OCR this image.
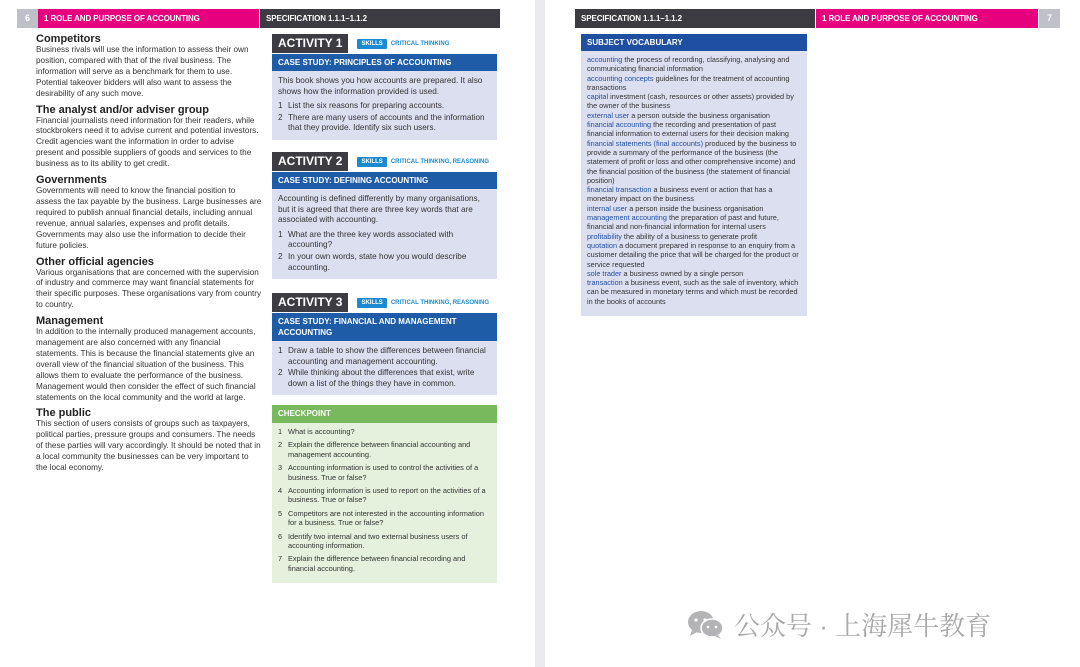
6	1 ROLE AND PURPOSE OF ACCOUNTING	SPECIFICATION 1.1.1–1.1.2
Competitors
Business rivals will use the information to assess their own position, compared with that of the rival business. The information will serve as a benchmark for them to use. Potential takeover bidders will also want to assess the desirability of any such move.
The analyst and/or adviser group
Financial journalists need information for their readers, while stockbrokers need it to advise current and potential investors. Credit agencies want the information in order to advise present and possible suppliers of goods and services to the business as to its ability to get credit.
Governments
Governments will need to know the financial position to assess the tax payable by the business. Large businesses are required to publish annual financial details, including annual revenue, annual salaries, expenses and profit details. Governments may also use the information to decide their future policies.
Other official agencies
Various organisations that are concerned with the supervision of industry and commerce may want financial statements for their specific purposes. These organisations vary from country to country.
Management
In addition to the internally produced management accounts, management are also concerned with any financial statements. This is because the financial statements give an overall view of the financial situation of the business. This allows them to evaluate the performance of the business. Management would then consider the effect of such financial statements on the local community and the world at large.
The public
This section of users consists of groups such as taxpayers, political parties, pressure groups and consumers. The needs of these parties will vary accordingly. It should be noted that in a local community the businesses can be very important to the local economy.
ACTIVITY 1	SKILLS	CRITICAL THINKING
CASE STUDY: PRINCIPLES OF ACCOUNTING

This book shows you how accounts are prepared. It also shows how the information provided is used.

1 List the six reasons for preparing accounts.
2 There are many users of accounts and the information that they provide. Identify six such users.
ACTIVITY 2	SKILLS	CRITICAL THINKING, REASONING
CASE STUDY: DEFINING ACCOUNTING

Accounting is defined differently by many organisations, but it is agreed that there are three key words that are associated with accounting.

1 What are the three key words associated with accounting?
2 In your own words, state how you would describe accounting.
ACTIVITY 3	SKILLS	CRITICAL THINKING, REASONING
CASE STUDY: FINANCIAL AND MANAGEMENT ACCOUNTING
1 Draw a table to show the differences between financial accounting and management accounting.
2 While thinking about the differences that exist, write down a list of the things they have in common.
CHECKPOINT
1 What is accounting?
2 Explain the difference between financial accounting and management accounting.
3 Accounting information is used to control the activities of a business. True or false?
4 Accounting information is used to report on the activities of a business. True or false?
5 Competitors are not interested in the accounting information for a business. True or false?
6 Identify two internal and two external business users of accounting information.
7 Explain the difference between financial recording and financial accounting.
SPECIFICATION 1.1.1–1.1.2	1 ROLE AND PURPOSE OF ACCOUNTING	7
SUBJECT VOCABULARY
accounting the process of recording, classifying, analysing and communicating financial information
accounting concepts guidelines for the treatment of accounting transactions
capital investment (cash, resources or other assets) provided by the owner of the business
external user a person outside the business organisation
financial accounting the recording and presentation of past financial information to external users for their decision making
financial statements (final accounts) produced by the business to provide a summary of the performance of the business (the statement of profit or loss and other comprehensive income) and the financial position of the business (the statement of financial position)
financial transaction a business event or action that has a monetary impact on the business
internal user a person inside the business organisation
management accounting the preparation of past and future, financial and non-financial information for internal users
profitability the ability of a business to generate profit
quotation a document prepared in response to an enquiry from a customer detailing the price that will be charged for the product or service requested
sole trader a business owned by a single person
transaction a business event, such as the sale of inventory, which can be measured in monetary terms and which must be recorded in the books of accounts
公众号 · 上海犀牛教育
